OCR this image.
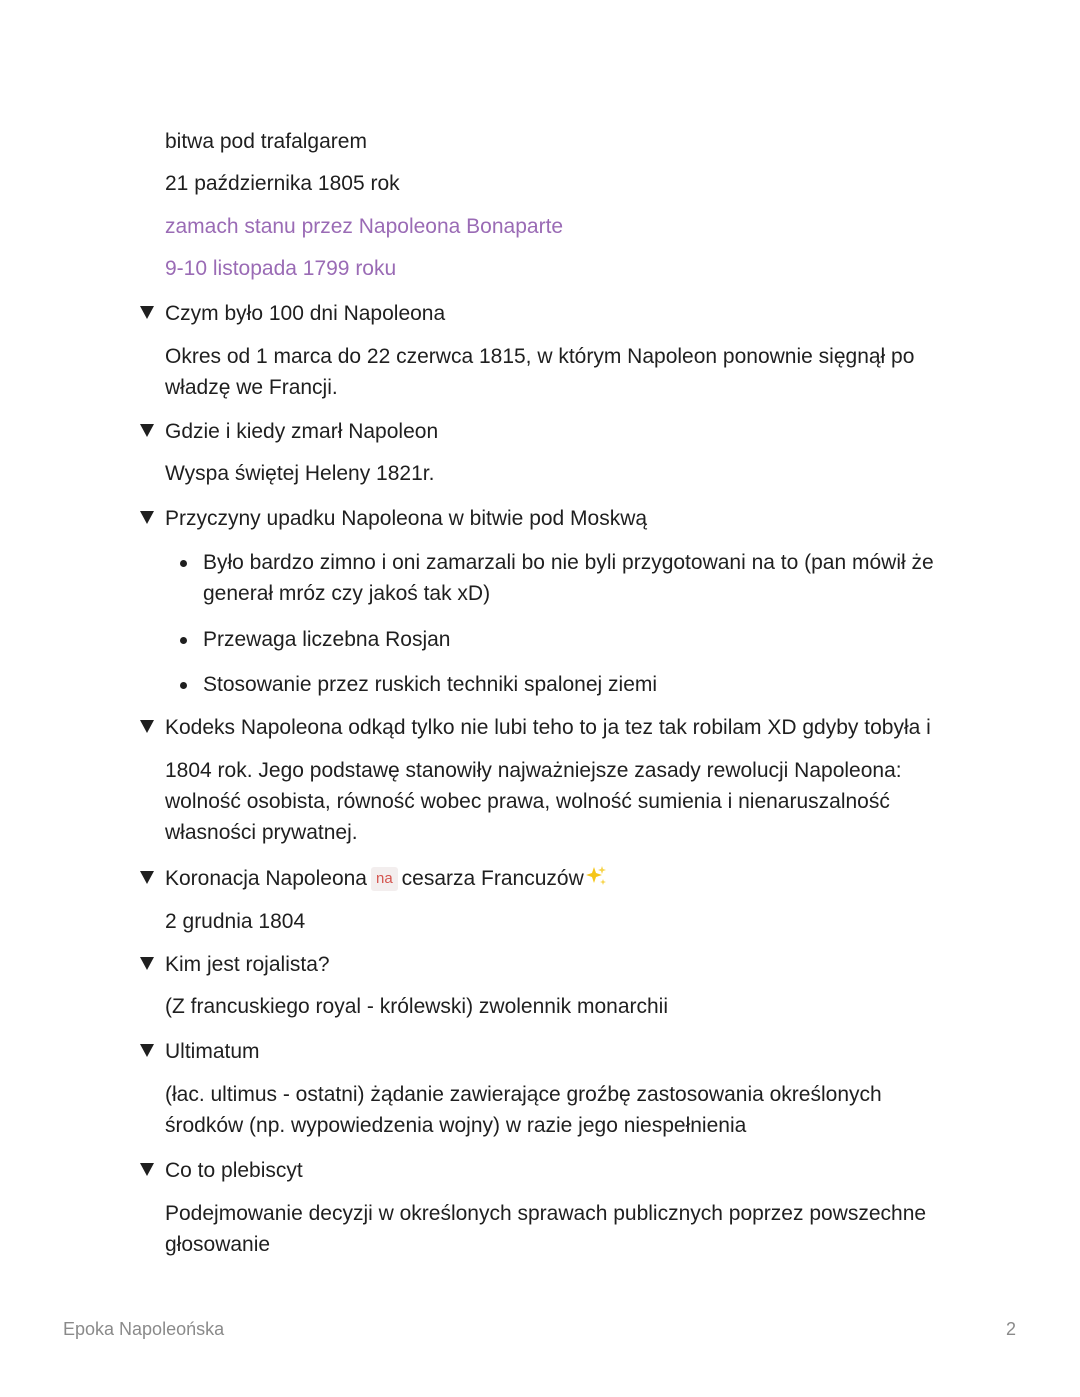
bitwa pod trafalgarem
21 października 1805 rok
zamach stanu przez Napoleona Bonaparte
9-10 listopada 1799 roku
Czym było 100 dni Napoleona
Okres od 1 marca do 22 czerwca 1815, w którym Napoleon ponownie sięgnął po
władzę we Francji.
Gdzie i kiedy zmarł Napoleon
Wyspa świętej Heleny 1821r.
Przyczyny upadku Napoleona w bitwie pod Moskwą
Było bardzo zimno i oni zamarzali bo nie byli przygotowani na to (pan mówił że
generał mróz czy jakoś tak xD)
Przewaga liczebna Rosjan
Stosowanie przez ruskich techniki spalonej ziemi
Kodeks Napoleona odkąd tylko nie lubi teho to ja tez tak robilam XD gdyby tobyła i
1804 rok. Jego podstawę stanowiły najważniejsze zasady rewolucji Napoleona:
wolność osobista, równość wobec prawa, wolność sumienia i nienaruszalność
własności prywatnej.
Koronacja Napoleona na cesarza Francuzów
2 grudnia 1804
Kim jest rojalista?
(Z francuskiego royal - królewski) zwolennik monarchii
Ultimatum
(łac. ultimus - ostatni) żądanie zawierające groźbę zastosowania określonych
środków (np. wypowiedzenia wojny) w razie jego niespełnienia
Co to plebiscyt
Podejmowanie decyzji w określonych sprawach publicznych poprzez powszechne
głosowanie
Epoka Napoleońska	2
